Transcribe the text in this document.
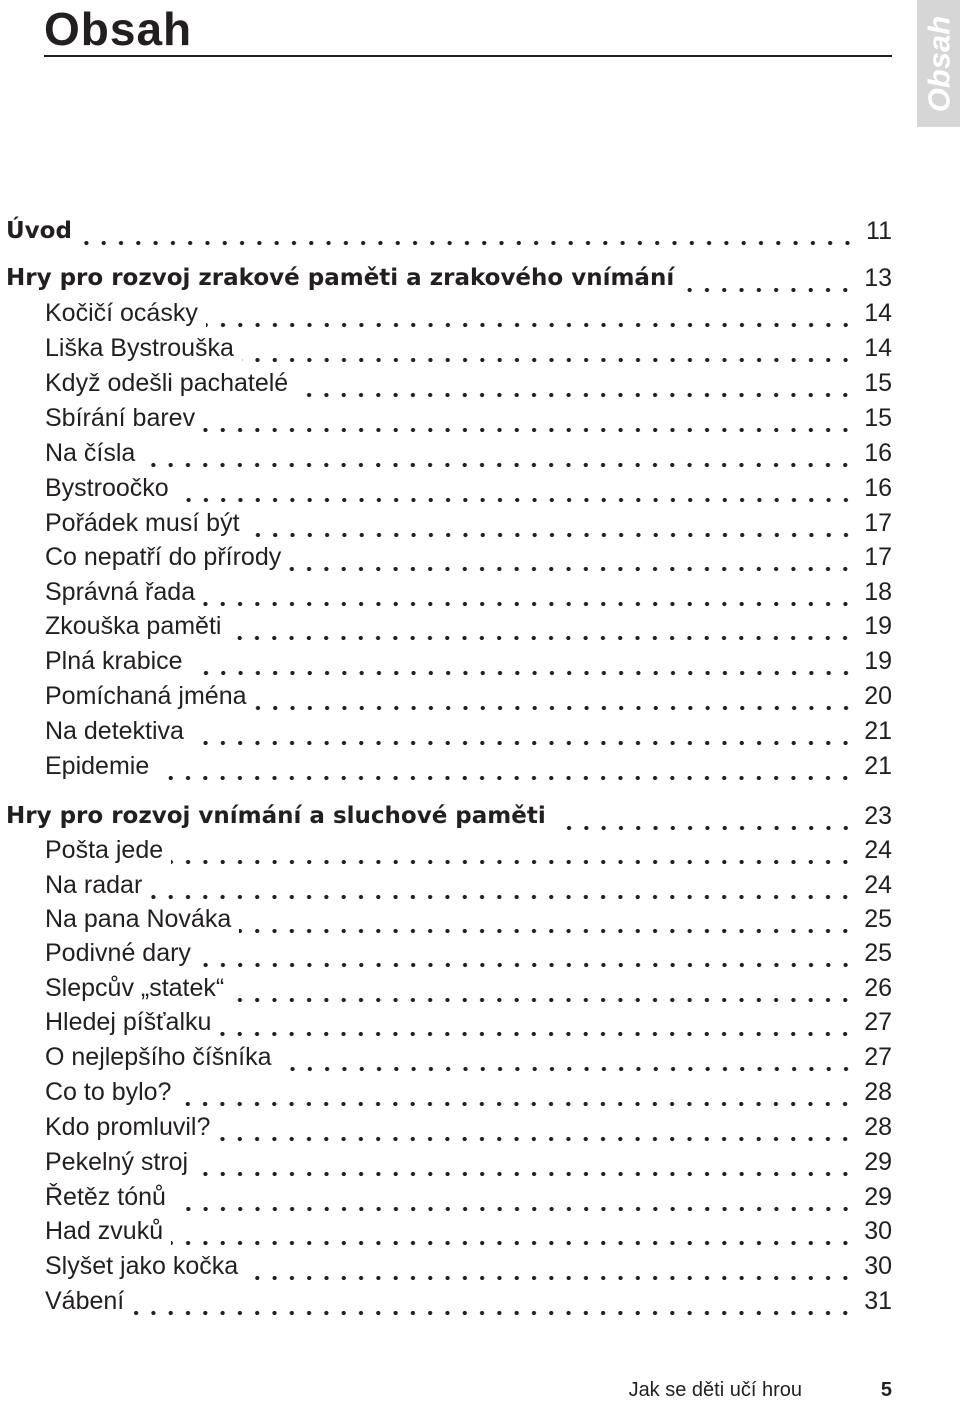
Obsah	Obsah
Úvod	11
Hry pro rozvoj zrakové paměti a zrakového vnímání	13
Kočičí ocásky	14
Liška Bystrouška	14
Když odešli pachatelé	15
Sbírání barev	15
Na čísla	16
Bystroočko	16
Pořádek musí být	17
Co nepatří do přírody	17
Správná řada	18
Zkouška paměti	19
Plná krabice	19
Pomíchaná jména	20
Na detektiva	21
Epidemie	21
Hry pro rozvoj vnímání a sluchové paměti	23
Pošta jede	24
Na radar	24
Na pana Nováka	25
Podivné dary	25
Slepcův „statek“	26
Hledej píšťalku	27
O nejlepšího číšníka	27
Co to bylo?	28
Kdo promluvil?	28
Pekelný stroj	29
Řetěz tónů	29
Had zvuků	30
Slyšet jako kočka	30
Vábení	31
Jak se děti učí hrou	5
